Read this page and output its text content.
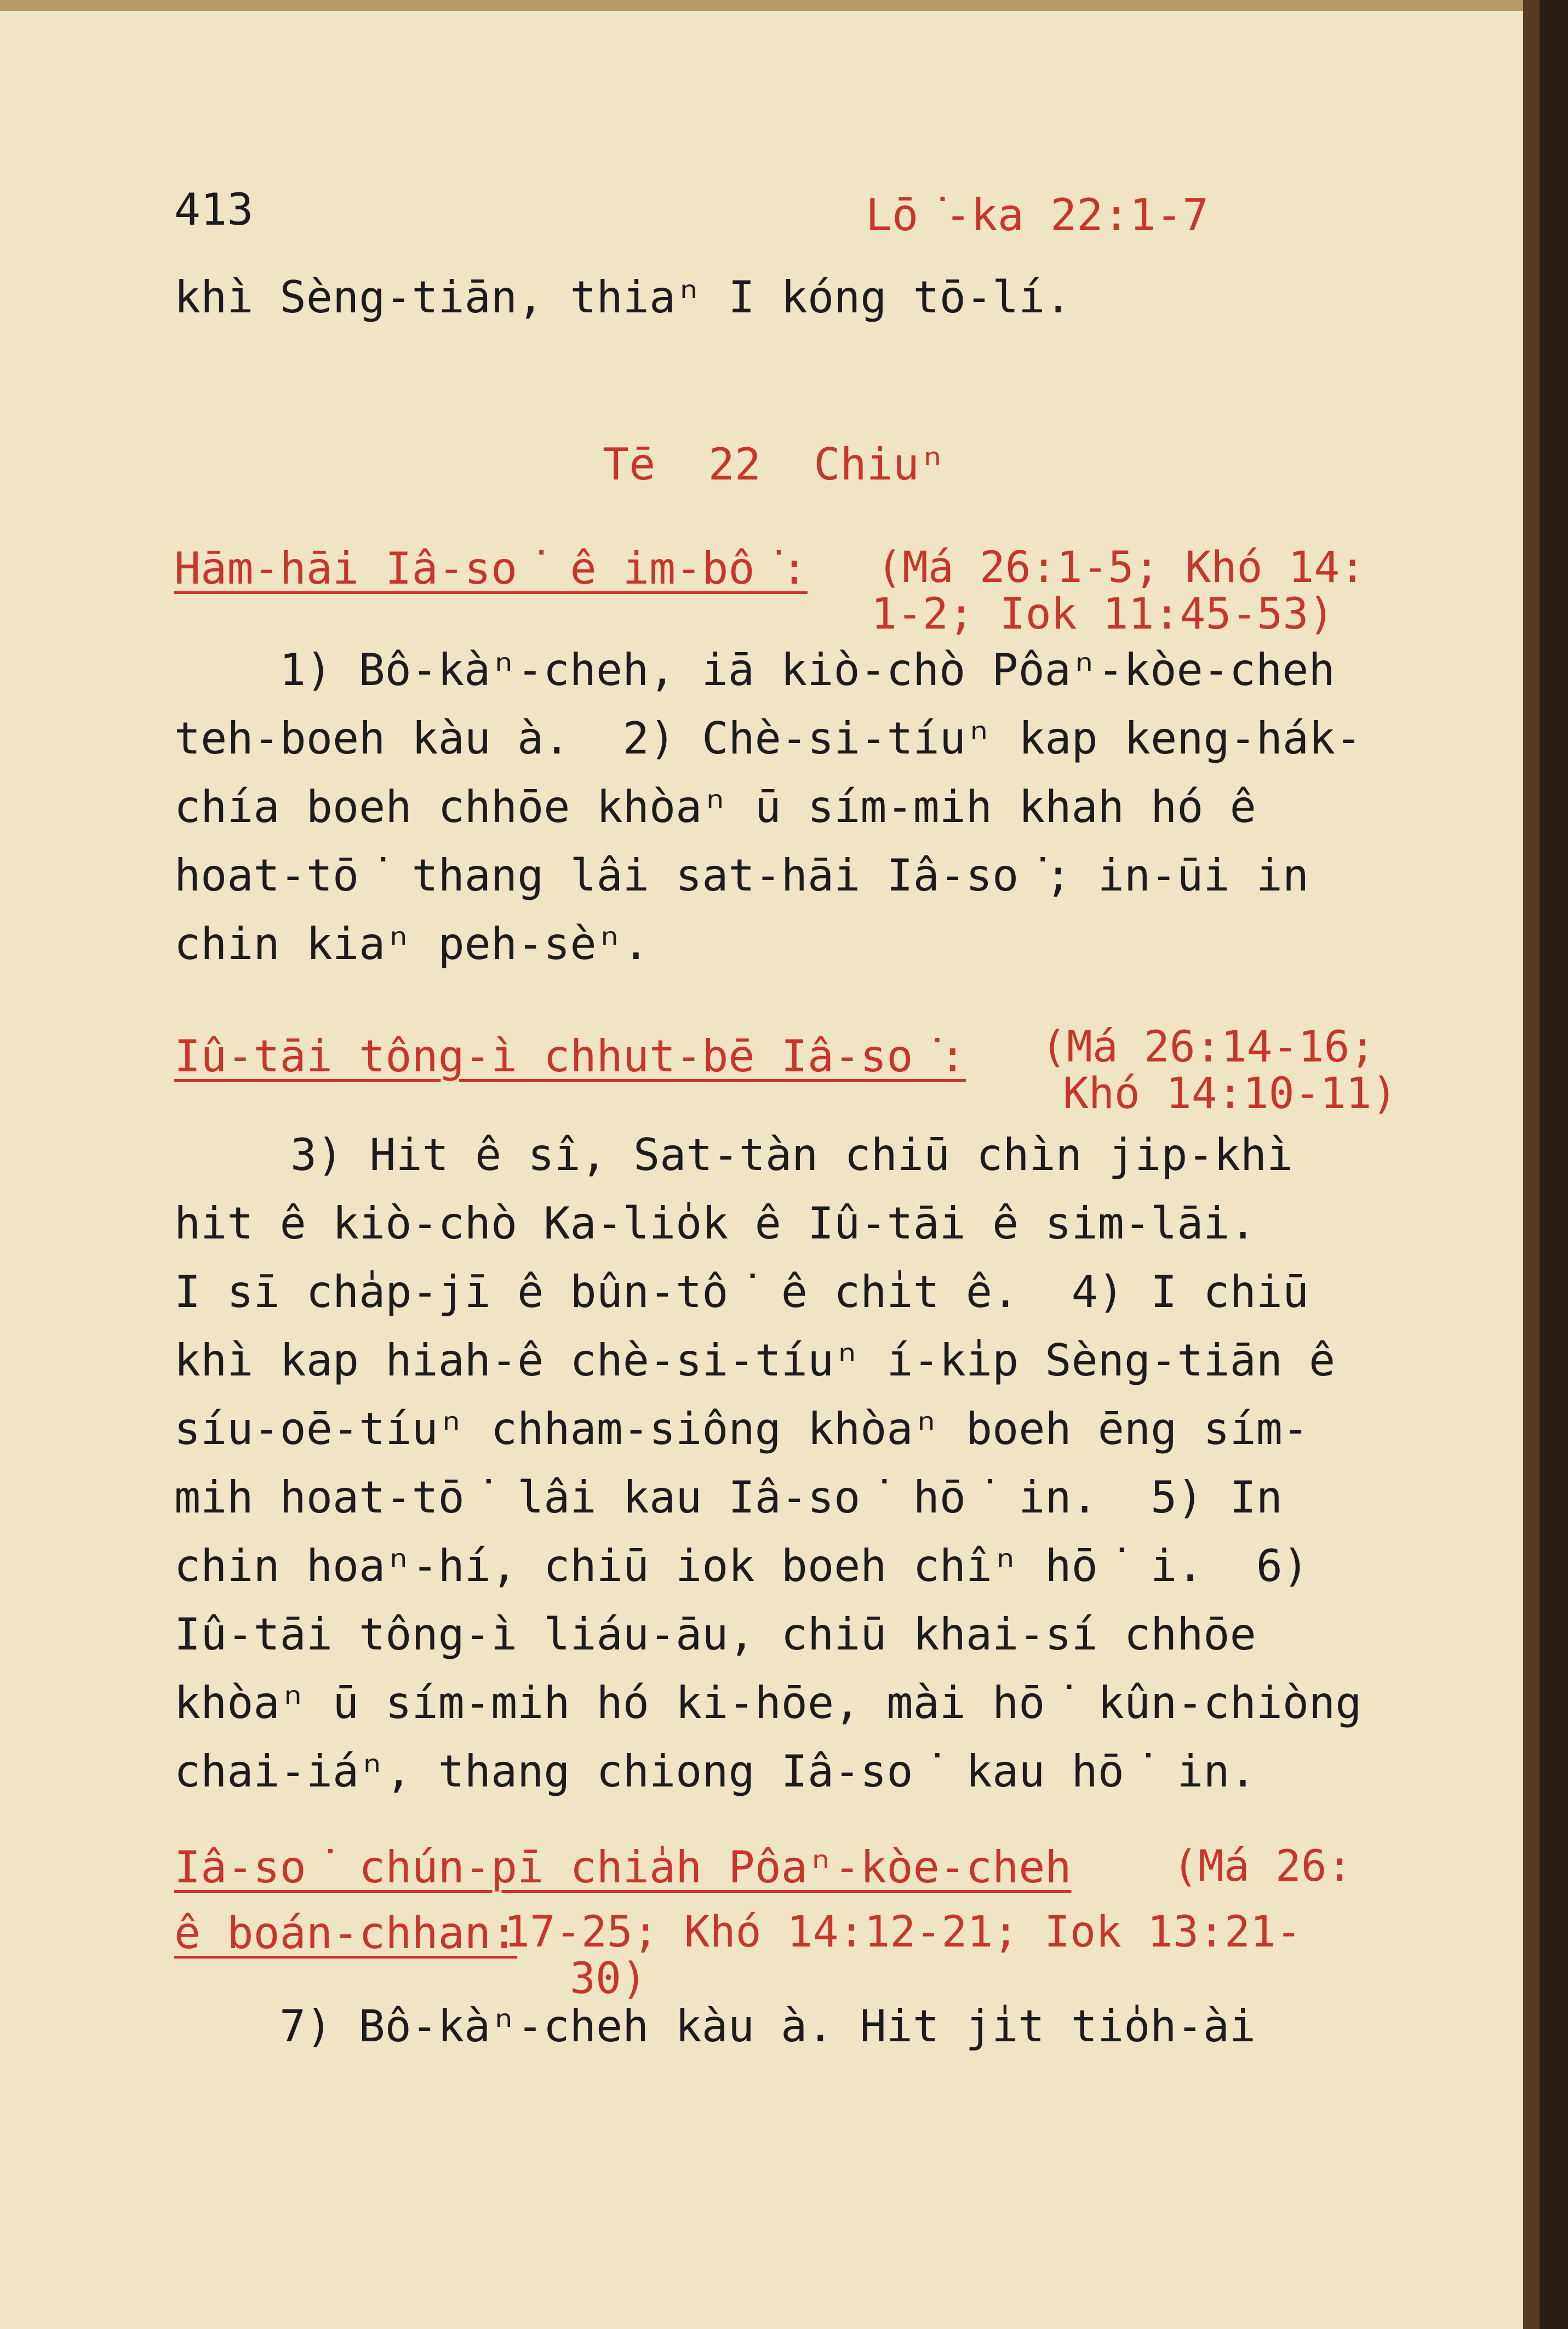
413	Lō͘-ka 22:1-7
khì Sèng-tiān, thiaⁿ I kóng tō-lí.
Tē  22  Chiuⁿ
Hām-hāi Iâ-so͘ ê im-bô͘: (Má 26:1-5; Khó 14:
1-2; Iok 11:45-53)
1) Bô-kàⁿ-cheh, iā kiò-chò Pôaⁿ-kòe-cheh
teh-boeh kàu à.  2) Chè-si-tíuⁿ kap keng-hák-
chía boeh chhōe khòaⁿ ū sím-mih khah hó ê
hoat-tō͘ thang lâi sat-hāi Iâ-so͘; in-ūi in
chin kiaⁿ peh-sèⁿ.
Iû-tāi tông-ì chhut-bē Iâ-so͘: (Má 26:14-16;
Khó 14:10-11)
3) Hit ê sî, Sat-tàn chiū chìn jip-khì
hit ê kiò-chò Ka-lio̍k ê Iû-tāi ê sim-lāi.
I sī cha̍p-jī ê bûn-tô͘ ê chi̍t ê.  4) I chiū
khì kap hiah-ê chè-si-tíuⁿ í-ki̍p Sèng-tiān ê
síu-oē-tíuⁿ chham-siông khòaⁿ boeh ēng sím-
mih hoat-tō͘ lâi kau Iâ-so͘ hō͘ in.  5) In
chin hoaⁿ-hí, chiū iok boeh chîⁿ hō͘ i.  6)
Iû-tāi tông-ì liáu-āu, chiū khai-sí chhōe
khòaⁿ ū sím-mih hó ki-hōe, mài hō͘ kûn-chiòng
chai-iáⁿ, thang chiong Iâ-so͘ kau hō͘ in.
Iâ-so͘ chún-pī chia̍h Pôaⁿ-kòe-cheh
ê boán-chhan:
(Má 26:
17-25; Khó 14:12-21; Iok 13:21-
30)
7) Bô-kàⁿ-cheh kàu à. Hit ji̍t tio̍h-ài
